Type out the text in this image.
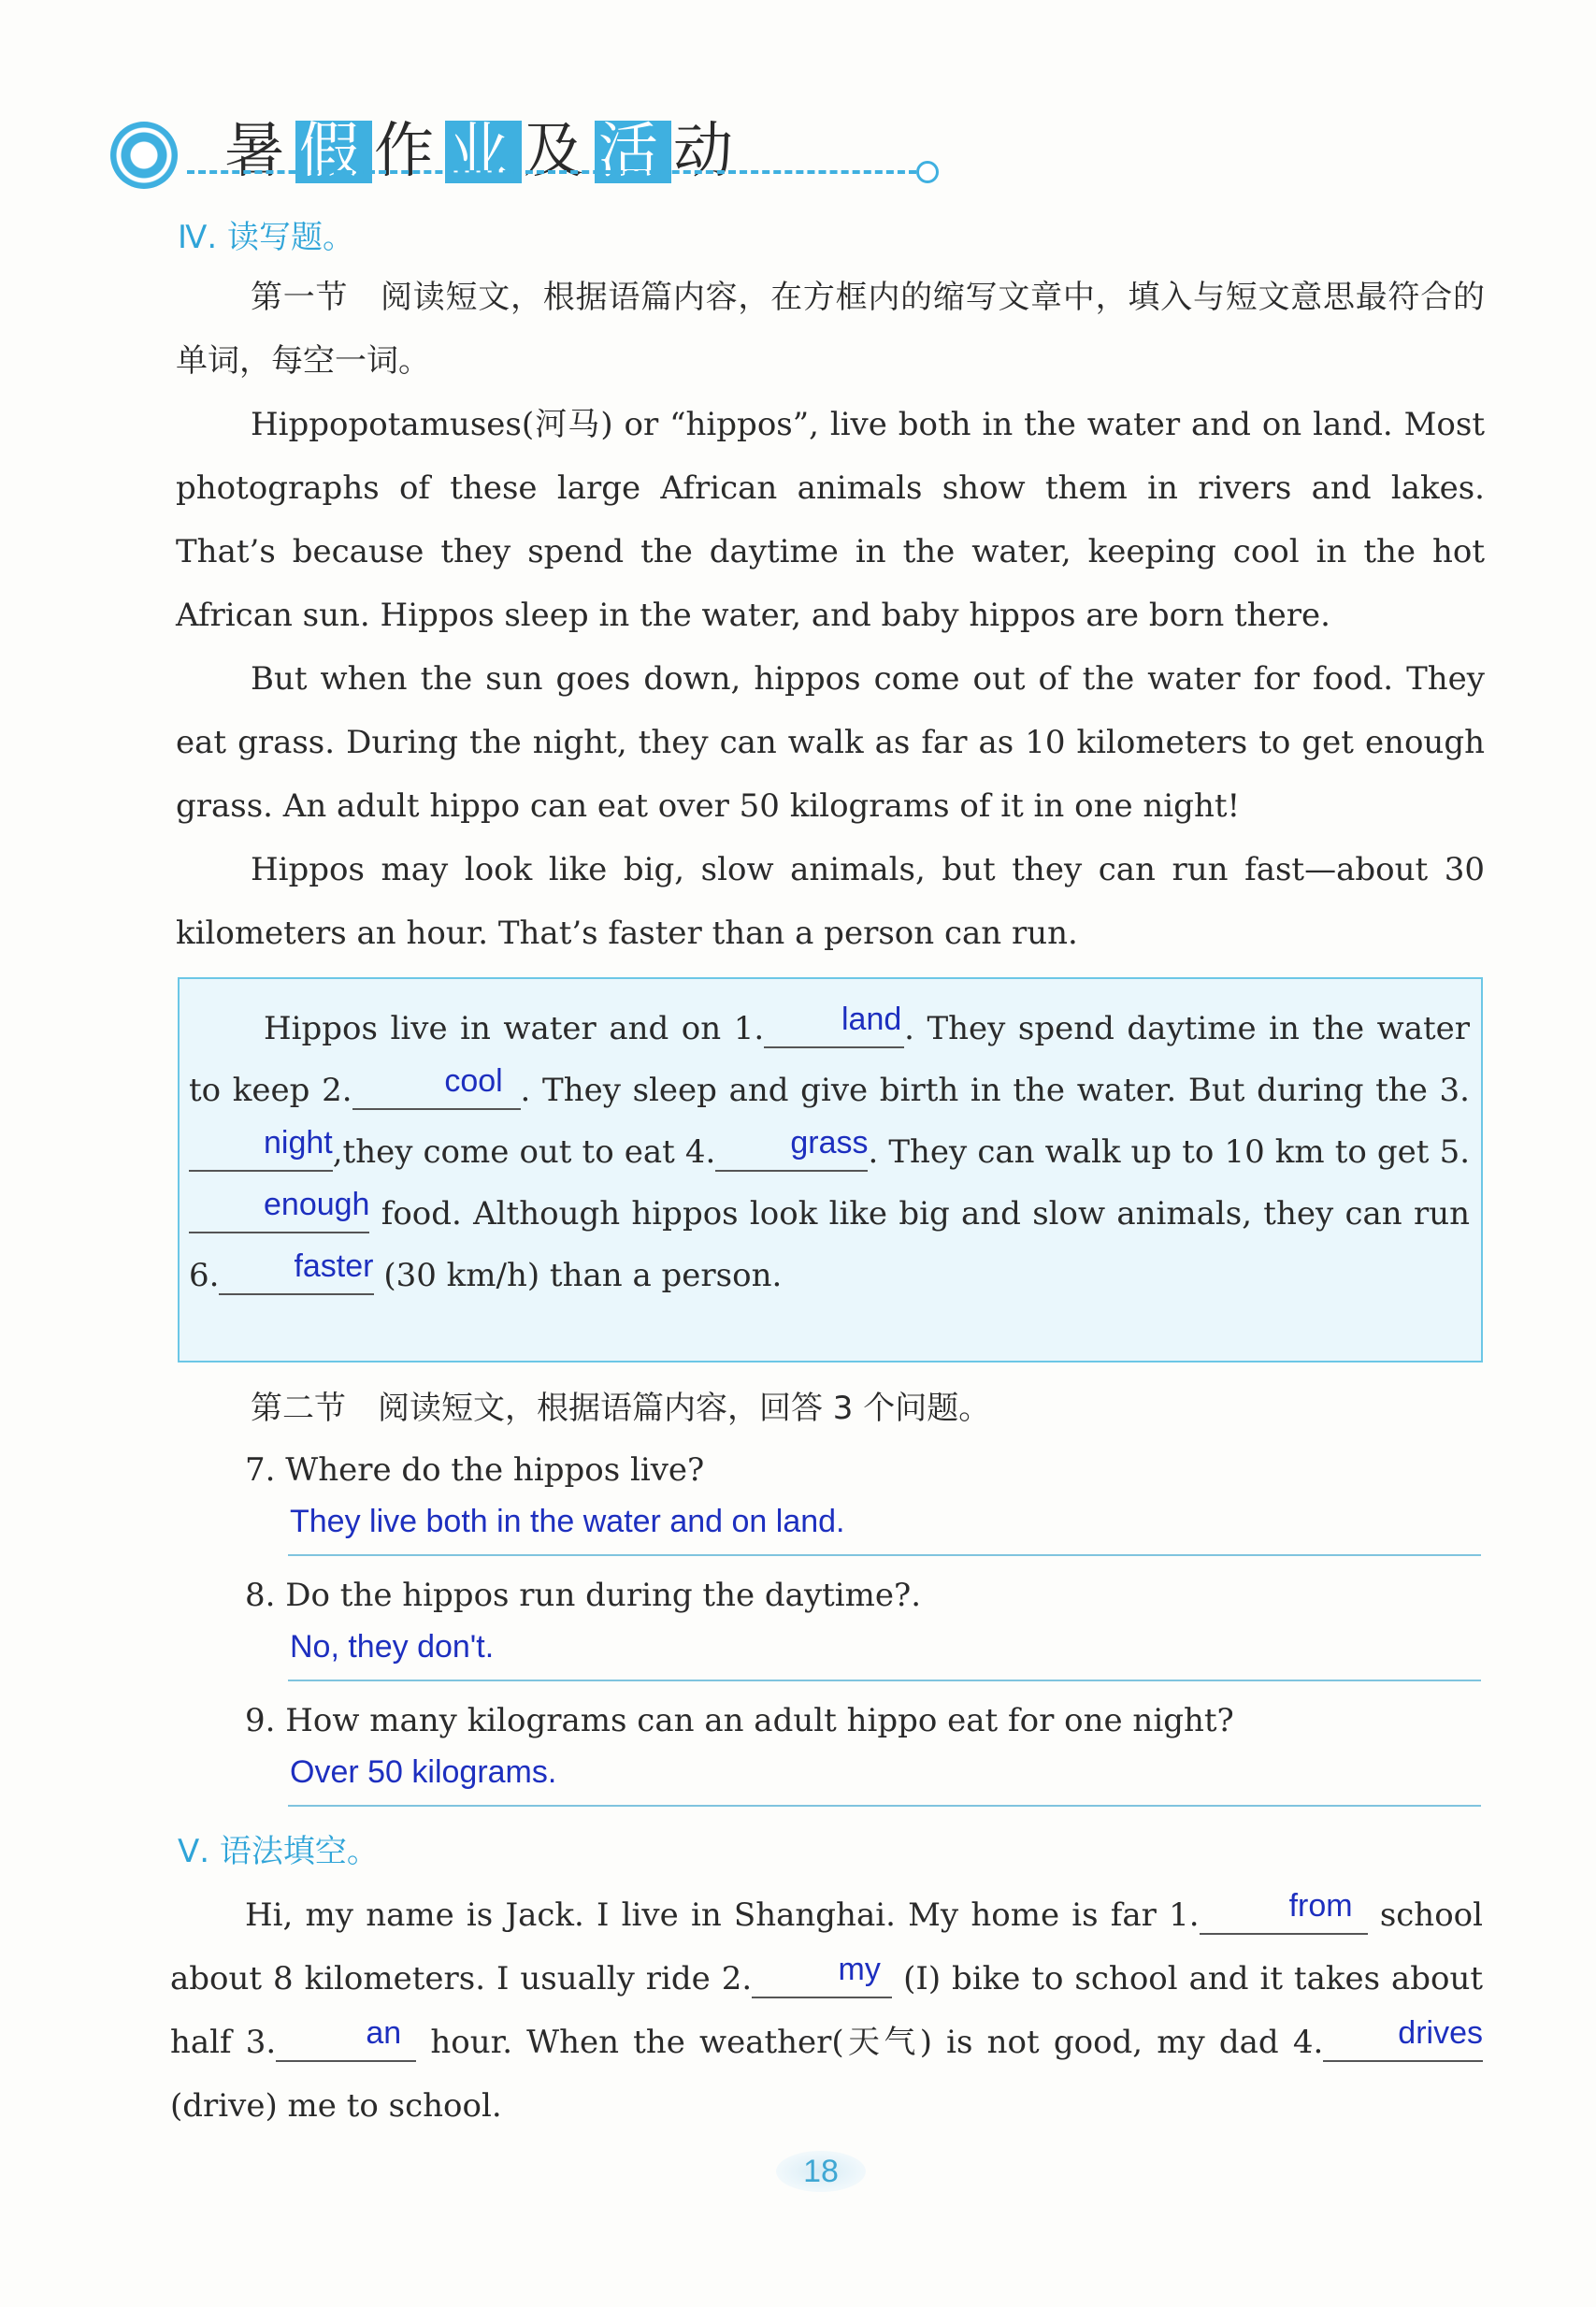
暑假作业及活动
Ⅳ. 读写题。
第一节　阅读短文，根据语篇内容，在方框内的缩写文章中，填入与短文意思最符合的单词，每空一词。
Hippopotamuses(河马) or “hippos”, live both in the water and on land. Most photographs of these large African animals show them in rivers and lakes. That’s because they spend the daytime in the water, keeping cool in the hot African sun. Hippos sleep in the water, and baby hippos are born there.
But when the sun goes down, hippos come out of the water for food. They eat grass. During the night, they can walk as far as 10 kilometers to get enough grass. An adult hippo can eat over 50 kilograms of it in one night!
Hippos may look like big, slow animals, but they can run fast—about 30 kilometers an hour. That’s faster than a person can run.
Hippos live in water and on 1. land. They spend daytime in the water to keep 2.	cool . They sleep and give birth in the water. But during the 3.night,they come out to eat 4. grass. They can walk up to 10 km to get 5.enough food. Although hippos look like big and slow animals, they can run 6. faster (30 km/h) than a person.
第二节　阅读短文，根据语篇内容，回答 3 个问题。
7. Where do the hippos live?
They live both in the water and on land.
8. Do the hippos run during the daytime?.
No, they don't.
9. How many kilograms can an adult hippo eat for one night?
Over 50 kilograms.
Ⅴ. 语法填空。
Hi, my name is Jack. I live in Shanghai. My home is far 1.	from school about 8 kilometers. I usually ride 2.	my (I) bike to school and it takes about half 3.	an hour. When the weather(天气) is not good, my dad 4. drives (drive) me to school.
18
